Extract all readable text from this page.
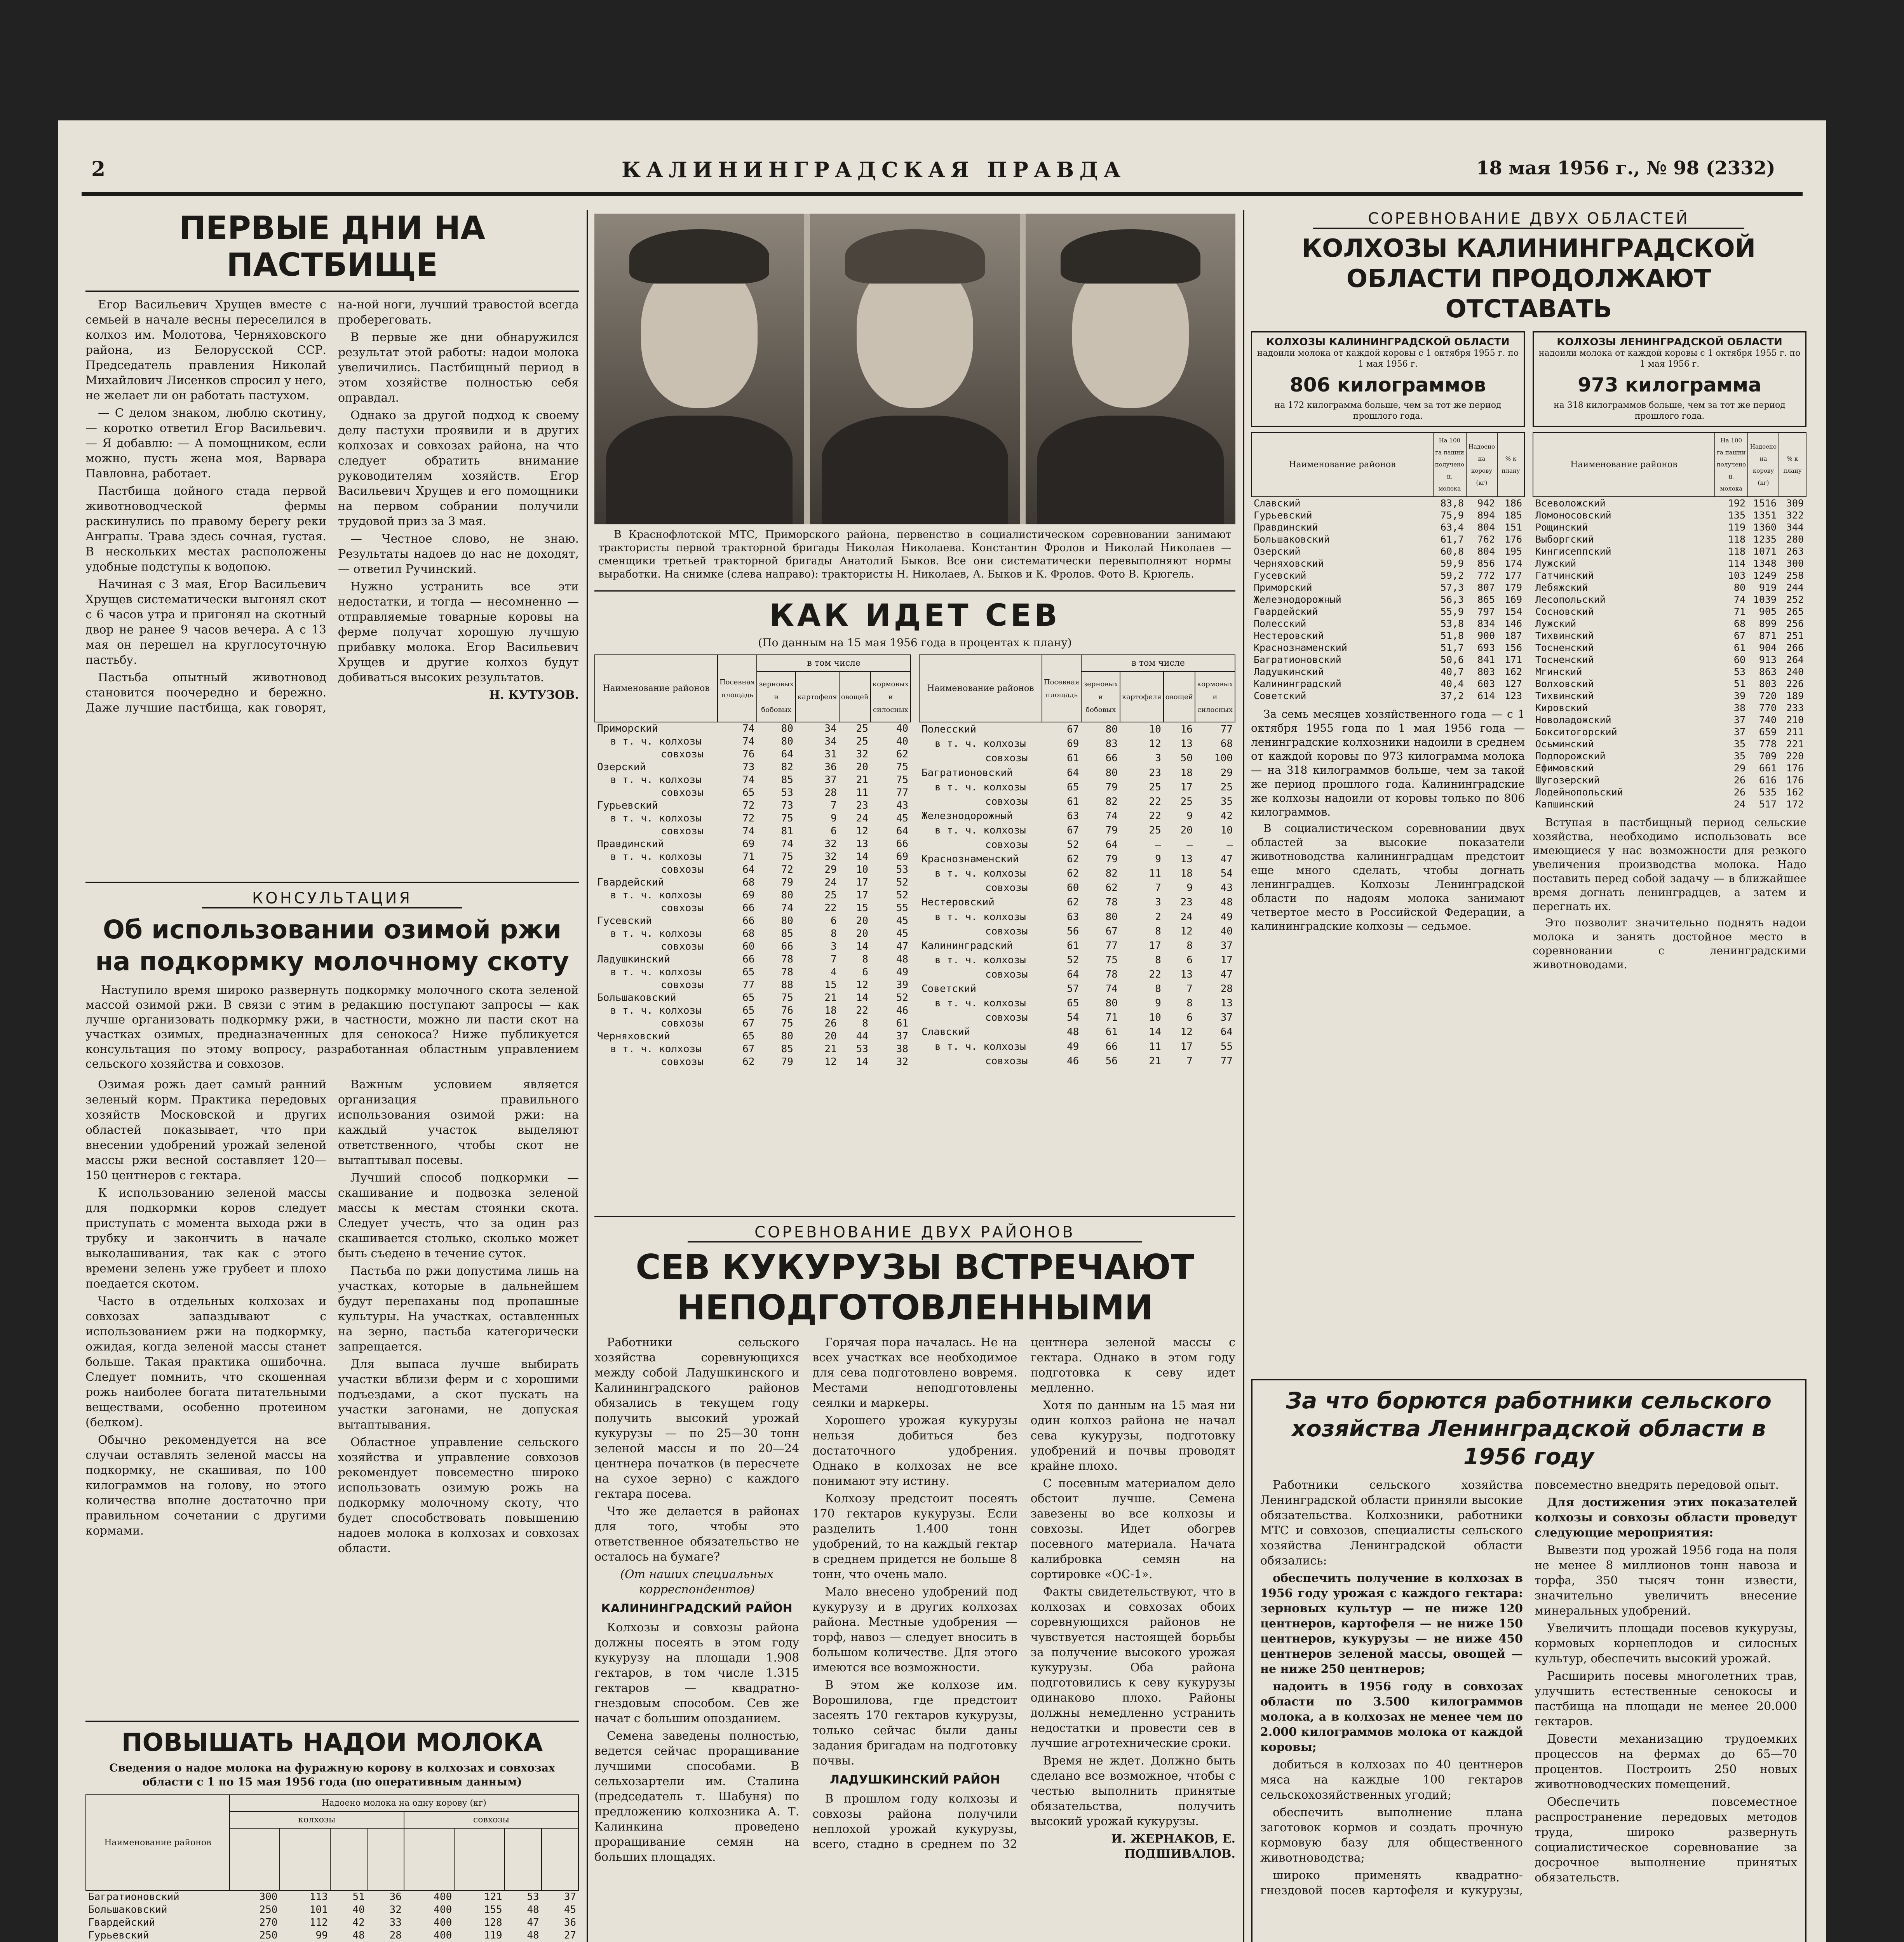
2	КАЛИНИНГРАДСКАЯ ПРАВДА	18 мая 1956 г., № 98 (2332)
ПЕРВЫЕ ДНИ НА ПАСТБИЩЕ

Егор Васильевич Хрущев вместе с семьей в начале весны переселился в колхоз им. Молотова, Черняховского района, из Белорусской ССР. Председатель правления Николай Михайлович Лисенков спросил у него, не желает ли он работать пастухом.

— С делом знаком, люблю скотину, — коротко ответил Егор Васильевич. — Я добавлю: — А помощником, если можно, пусть жена моя, Варвара Павловна, работает.

Пастбища дойного стада первой животноводческой фермы раскинулись по правому берегу реки Анграпы. Трава здесь сочная, густая. В нескольких местах расположены удобные подступы к водопою.

Начиная с 3 мая, Егор Васильевич Хрущев систематически выгонял скот с 6 часов утра и пригонял на скотный двор не ранее 9 часов вечера. А с 13 мая он перешел на круглосуточную пастьбу.

Пастьба опытный животновод становится поочередно и бережно. Даже лучшие пастбища, как говорят, на-ной ноги, лучший травостой всегда пробереговать.

В первые же дни обнаружился результат этой работы: надои молока увеличились. Пастбищный период в этом хозяйстве полностью себя оправдал.

Однако за другой подход к своему делу пастухи проявили и в других колхозах и совхозах района, на что следует обратить внимание руководителям хозяйств. Егор Васильевич Хрущев и его помощники на первом собрании получили трудовой приз за 3 мая.

— Честное слово, не знаю. Результаты надоев до нас не доходят, — ответил Ручинский.

Нужно устранить все эти недостатки, и тогда — несомненно — отправляемые товарные коровы на ферме получат хорошую лучшую прибавку молока. Егор Васильевич Хрущев и другие колхоз будут добиваться высоких результатов.

Н. КУТУЗОВ.

КОНСУЛЬТАЦИЯ
Об использовании озимой ржи на подкормку молочному скоту
Наступило время широко развернуть подкормку молочного скота зеленой массой озимой ржи. В связи с этим в редакцию поступают запросы — как лучше организовать подкормку ржи, в частности, можно ли пасти скот на участках озимых, предназначенных для сенокоса? Ниже публикуется консультация по этому вопросу, разработанная областным управлением сельского хозяйства и совхозов.

Озимая рожь дает самый ранний зеленый корм. Практика передовых хозяйств Московской и других областей показывает, что при внесении удобрений урожай зеленой массы ржи весной составляет 120—150 центнеров с гектара.

К использованию зеленой массы для подкормки коров следует приступать с момента выхода ржи в трубку и закончить в начале выколашивания, так как с этого времени зелень уже грубеет и плохо поедается скотом.

Часто в отдельных колхозах и совхозах запаздывают с использованием ржи на подкормку, ожидая, когда зеленой массы станет больше. Такая практика ошибочна. Следует помнить, что скошенная рожь наиболее богата питательными веществами, особенно протеином (белком).

Обычно рекомендуется на все случаи оставлять зеленой массы на подкормку, не скашивая, по 100 килограммов на голову, но этого количества вполне достаточно при правильном сочетании с другими кормами.

Важным условием является организация правильного использования озимой ржи: на каждый участок выделяют ответственного, чтобы скот не вытаптывал посевы.

Лучший способ подкормки — скашивание и подвозка зеленой массы к местам стоянки скота. Следует учесть, что за один раз скашивается столько, сколько может быть съедено в течение суток.

Пастьба по ржи допустима лишь на участках, которые в дальнейшем будут перепаханы под пропашные культуры. На участках, оставленных на зерно, пастьба категорически запрещается.

Для выпаса лучше выбирать участки вблизи ферм и с хорошими подъездами, а скот пускать на участки загонами, не допуская вытаптывания.

Областное управление сельского хозяйства и управление совхозов рекомендует повсеместно широко использовать озимую рожь на подкормку молочному скоту, что будет способствовать повышению надоев молока в колхозах и совхозах области.

ПОВЫШАТЬ НАДОИ МОЛОКА
Сведения о надое молока на фуражную корову в колхозах и совхозах области с 1 по 15 мая 1956 года (по оперативным данным)
Наименование районов	Надоено молока на одну корову (кг)							
	колхозы				совхозы			

Багратионовский	300	113	51	36	400	121	53	37
Большаковский	250	101	40	32	400	155	48	45
Гвардейский	270	112	42	33	400	128	47	36
Гурьевский	250	99	48	28	400	119	48	27

В Краснофлотской МТС, Приморского района, первенство в социалистическом соревновании занимают трактористы первой тракторной бригады Николая Николаева. Константин Фролов и Николай Николаев — сменщики третьей тракторной бригады Анатолий Быков. Все они систематически перевыполняют нормы выработки. На снимке (слева направо): трактористы Н. Николаев, А. Быков и К. Фролов. Фото В. Крюгель.
КАК ИДЕТ СЕВ
(По данным на 15 мая 1956 года в процентах к плану)
Наименование районов	Посевная площадь	в том числе			
		зерновых и бобовых	картофеля	овощей	кормовых и силосных
Приморский	74	80	34	25	40
в т. ч. колхозы	74	80	34	25	40
совхозы	76	64	31	32	62
Озерский	73	82	36	20	75
в т. ч. колхозы	74	85	37	21	75
совхозы	65	53	28	11	77
Гурьевский	72	73	7	23	43
в т. ч. колхозы	72	75	9	24	45
совхозы	74	81	6	12	64
Правдинский	69	74	32	13	66
в т. ч. колхозы	71	75	32	14	69
совхозы	64	72	29	10	53
Гвардейский	68	79	24	17	52
в т. ч. колхозы	69	80	25	17	52
совхозы	66	74	22	15	55
Гусевский	66	80	6	20	45
в т. ч. колхозы	68	85	8	20	45
совхозы	60	66	3	14	47
Ладушкинский	66	78	7	8	48
в т. ч. колхозы	65	78	4	6	49
совхозы	77	88	15	12	39
Большаковский	65	75	21	14	52
в т. ч. колхозы	65	76	18	22	46
совхозы	67	75	26	8	61
Черняховский	65	80	20	44	37
в т. ч. колхозы	67	85	21	53	38
совхозы	62	79	12	14	32
Наименование районов	Посевная площадь	в том числе			
		зерновых и бобовых	картофеля	овощей	кормовых и силосных
Полесский	67	80	10	16	77
в т. ч. колхозы	69	83	12	13	68
совхозы	61	66	3	50	100
Багратионовский	64	80	23	18	29
в т. ч. колхозы	65	79	25	17	25
совхозы	61	82	22	25	35
Железнодорожный	63	74	22	9	42
в т. ч. колхозы	67	79	25	20	10
совхозы	52	64	—	—	—
Краснознаменский	62	79	9	13	47
в т. ч. колхозы	62	82	11	18	54
совхозы	60	62	7	9	43
Нестеровский	62	78	3	23	48
в т. ч. колхозы	63	80	2	24	49
совхозы	56	67	8	12	40
Калининградский	61	77	17	8	37
в т. ч. колхозы	52	75	8	6	17
совхозы	64	78	22	13	47
Советский	57	74	8	7	28
в т. ч. колхозы	65	80	9	8	13
совхозы	54	71	10	6	37
Славский	48	61	14	12	64
в т. ч. колхозы	49	66	11	17	55
совхозы	46	56	21	7	77
СОРЕВНОВАНИЕ ДВУХ РАЙОНОВ
СЕВ КУКУРУЗЫ ВСТРЕЧАЮТ НЕПОДГОТОВЛЕННЫМИ

Работники сельского хозяйства соревнующихся между собой Ладушкинского и Калининградского районов обязались в текущем году получить высокий урожай кукурузы — по 25—30 тонн зеленой массы и по 20—24 центнера початков (в пересчете на сухое зерно) с каждого гектара посева.

Что же делается в районах для того, чтобы это ответственное обязательство не осталось на бумаге?

(От наших специальных корреспондентов)

КАЛИНИНГРАДСКИЙ РАЙОН

Колхозы и совхозы района должны посеять в этом году кукурузу на площади 1.908 гектаров, в том числе 1.315 гектаров — квадратно-гнездовым способом. Сев же начат с большим опозданием.

Семена заведены полностью, ведется сейчас проращивание лучшими способами. В сельхозартели им. Сталина (председатель т. Шабуня) по предложению колхозника А. Т. Калинкина проведено проращивание семян на больших площадях.

Горячая пора началась. Не на всех участках все необходимое для сева подготовлено вовремя. Местами неподготовлены сеялки и маркеры.

Хорошего урожая кукурузы нельзя добиться без достаточного удобрения. Однако в колхозах не все понимают эту истину.

Колхозу предстоит посеять 170 гектаров кукурузы. Если разделить 1.400 тонн удобрений, то на каждый гектар в среднем придется не больше 8 тонн, что очень мало.

Мало внесено удобрений под кукурузу и в других колхозах района. Местные удобрения — торф, навоз — следует вносить в большом количестве. Для этого имеются все возможности.

В этом же колхозе им. Ворошилова, где предстоит засеять 170 гектаров кукурузы, только сейчас были даны задания бригадам на подготовку почвы.

ЛАДУШКИНСКИЙ РАЙОН

В прошлом году колхозы и совхозы района получили неплохой урожай кукурузы, всего, стадно в среднем по 32 центнера зеленой массы с гектара. Однако в этом году подготовка к севу идет медленно.

Хотя по данным на 15 мая ни один колхоз района не начал сева кукурузы, подготовку удобрений и почвы проводят крайне плохо.

С посевным материалом дело обстоит лучше. Семена завезены во все колхозы и совхозы. Идет обогрев посевного материала. Начата калибровка семян на сортировке «ОС-1».

Факты свидетельствуют, что в колхозах и совхозах обоих соревнующихся районов не чувствуется настоящей борьбы за получение высокого урожая кукурузы. Оба района подготовились к севу кукурузы одинаково плохо. Районы должны немедленно устранить недостатки и провести сев в лучшие агротехнические сроки.

Время не ждет. Должно быть сделано все возможное, чтобы с честью выполнить принятые обязательства, получить высокий урожай кукурузы.

И. ЖЕРНАКОВ, Е. ПОДШИВАЛОВ.

СОРЕВНОВАНИЕ ДВУХ ОБЛАСТЕЙ
КОЛХОЗЫ КАЛИНИНГРАДСКОЙ ОБЛАСТИ ПРОДОЛЖАЮТ ОТСТАВАТЬ
КОЛХОЗЫ КАЛИНИНГРАДСКОЙ ОБЛАСТИ
надоили молока от каждой коровы с 1 октября 1955 г. по 1 мая 1956 г.
806 килограммов
на 172 килограмма больше, чем за тот же период прошлого года.
КОЛХОЗЫ ЛЕНИНГРАДСКОЙ ОБЛАСТИ
надоили молока от каждой коровы с 1 октября 1955 г. по 1 мая 1956 г.
973 килограмма
на 318 килограммов больше, чем за тот же период прошлого года.
Наименование районов	На 100 га пашни получено ц. молока	Надоено на корову (кг)	% к плану
Славский	83,8	942	186
Гурьевский	75,9	894	185
Правдинский	63,4	804	151
Большаковский	61,7	762	176
Озерский	60,8	804	195
Черняховский	59,9	856	174
Гусевский	59,2	772	177
Приморский	57,3	807	179
Железнодорожный	56,3	865	169
Гвардейский	55,9	797	154
Полесский	53,8	834	146
Нестеровский	51,8	900	187
Краснознаменский	51,7	693	156
Багратионовский	50,6	841	171
Ладушкинский	40,7	803	162
Калининградский	40,4	603	127
Советский	37,2	614	123

За семь месяцев хозяйственного года — с 1 октября 1955 года по 1 мая 1956 года — ленинградские колхозники надоили в среднем от каждой коровы по 973 килограмма молока — на 318 килограммов больше, чем за такой же период прошлого года. Калининградские же колхозы надоили от коровы только по 806 килограммов.

В социалистическом соревновании двух областей за высокие показатели животноводства калининградцам предстоит еще много сделать, чтобы догнать ленинградцев. Колхозы Ленинградской области по надоям молока занимают четвертое место в Российской Федерации, а калининградские колхозы — седьмое.

Наименование районов	На 100 га пашни получено ц. молока	Надоено на корову (кг)	% к плану
Всеволожский	192	1516	309
Ломоносовский	135	1351	322
Рощинский	119	1360	344
Выборгский	118	1235	280
Кингисеппский	118	1071	263
Лужский	114	1348	300
Гатчинский	103	1249	258
Лебяжский	80	919	244
Лесопольский	74	1039	252
Сосновский	71	905	265
Лужский	68	899	256
Тихвинский	67	871	251
Тосненский	61	904	266
Тосненский	60	913	264
Мгинский	53	863	240
Волховский	51	803	226
Тихвинский	39	720	189
Кировский	38	770	233
Новоладожский	37	740	210
Бокситогорский	37	659	211
Осьминский	35	778	221
Подпорожский	35	709	220
Ефимовский	29	661	176
Шугозерский	26	616	176
Лодейнопольский	26	535	162
Капшинский	24	517	172

Вступая в пастбищный период сельские хозяйства, необходимо использовать все имеющиеся у нас возможности для резкого увеличения производства молока. Надо поставить перед собой задачу — в ближайшее время догнать ленинградцев, а затем и перегнать их.

Это позволит значительно поднять надои молока и занять достойное место в соревновании с ленинградскими животноводами.

За что борются работники сельского хозяйства Ленинградской области в 1956 году

Работники сельского хозяйства Ленинградской области приняли высокие обязательства. Колхозники, работники МТС и совхозов, специалисты сельского хозяйства Ленинградской области обязались:

обеспечить получение в колхозах в 1956 году урожая с каждого гектара: зерновых культур — не ниже 120 центнеров, картофеля — не ниже 150 центнеров, кукурузы — не ниже 450 центнеров зеленой массы, овощей — не ниже 250 центнеров;

надоить в 1956 году в совхозах области по 3.500 килограммов молока, а в колхозах не менее чем по 2.000 килограммов молока от каждой коровы;

добиться в колхозах по 40 центнеров мяса на каждые 100 гектаров сельскохозяйственных угодий;

обеспечить выполнение плана заготовок кормов и создать прочную кормовую базу для общественного животноводства;

широко применять квадратно-гнездовой посев картофеля и кукурузы, повсеместно внедрять передовой опыт.

Для достижения этих показателей колхозы и совхозы области проведут следующие мероприятия:

Вывезти под урожай 1956 года на поля не менее 8 миллионов тонн навоза и торфа, 350 тысяч тонн извести, значительно увеличить внесение минеральных удобрений.

Увеличить площади посевов кукурузы, кормовых корнеплодов и силосных культур, обеспечить высокий урожай.

Расширить посевы многолетних трав, улучшить естественные сенокосы и пастбища на площади не менее 20.000 гектаров.

Довести механизацию трудоемких процессов на фермах до 65—70 процентов. Построить 250 новых животноводческих помещений.

Обеспечить повсеместное распространение передовых методов труда, широко развернуть социалистическое соревнование за досрочное выполнение принятых обязательств.
